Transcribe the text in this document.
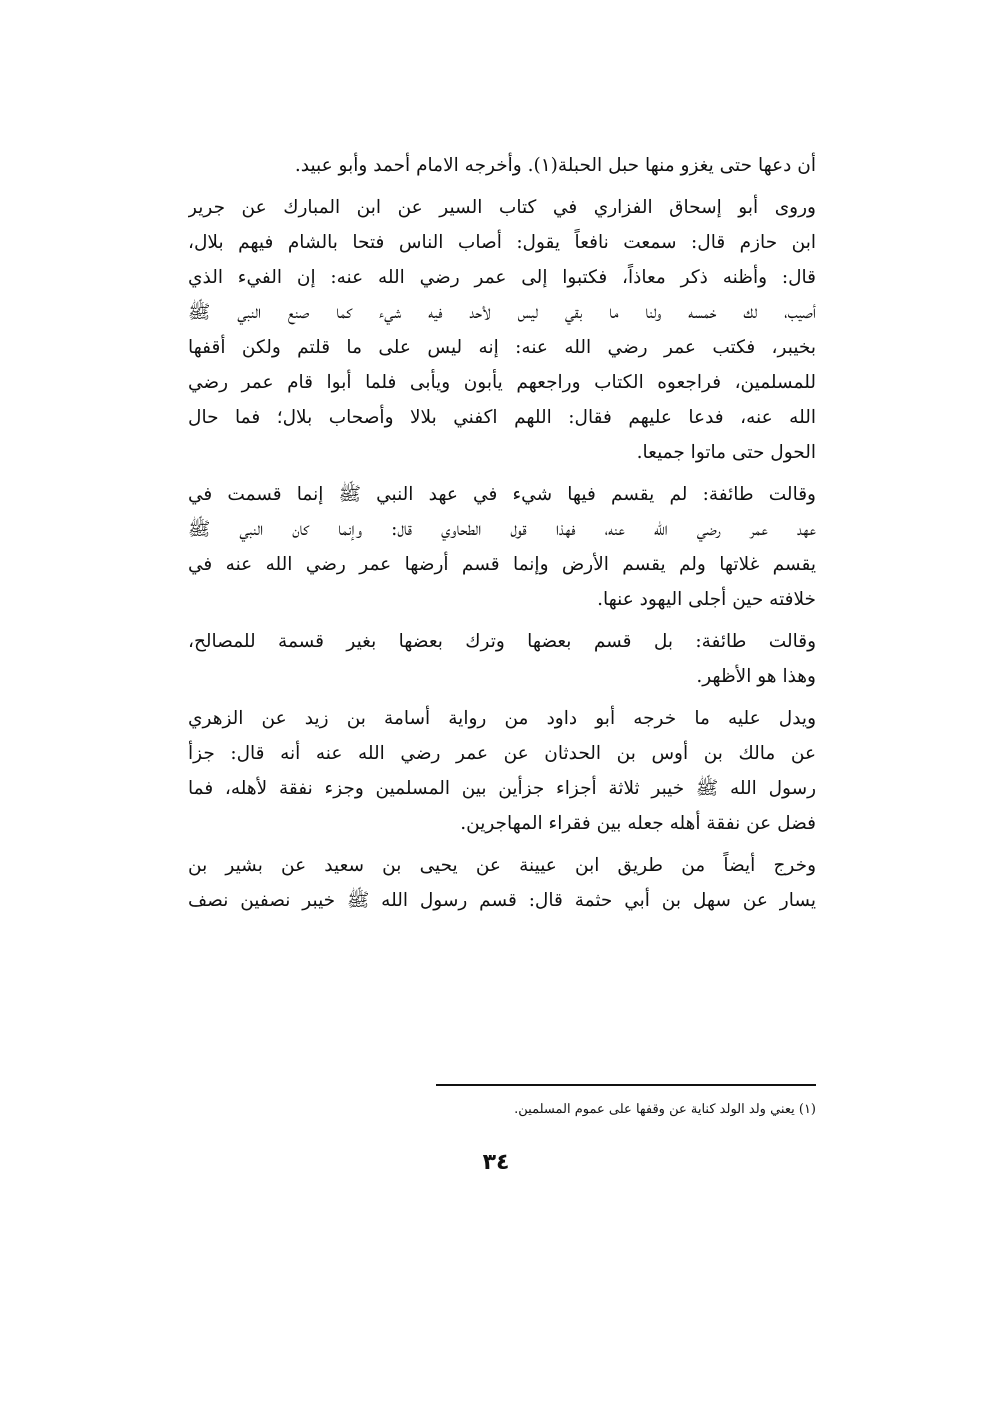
أن دعها حتى يغزو منها حبل الحبلة(١). وأخرجه الامام أحمد وأبو عبيد.
وروى أبو إسحاق الفزاري في كتاب السير عن ابن المبارك عن جرير
ابن حازم قال: سمعت نافعاً يقول: أصاب الناس فتحا بالشام فيهم بلال،
قال: وأظنه ذكر معاذاً، فكتبوا إلى عمر رضي الله عنه: إن الفيء الذي
أصيب، لك خمسه ولنا ما بقي ليس لأحد فيه شيء كما صنع النبي ﷺ
بخيبر، فكتب عمر رضي الله عنه: إنه ليس على ما قلتم ولكن أقفها
للمسلمين، فراجعوه الكتاب وراجعهم يأبون ويأبى فلما أبوا قام عمر رضي
الله عنه، فدعا عليهم فقال: اللهم اكفني بلالا وأصحاب بلال؛ فما حال
الحول حتى ماتوا جميعا.
وقالت طائفة: لم يقسم فيها شيء في عهد النبي ﷺ إنما قسمت في
عهد عمر رضي الله عنه، فهذا قول الطحاوي قال: وإنما كان النبي ﷺ
يقسم غلاتها ولم يقسم الأرض وإنما قسم أرضها عمر رضي الله عنه في
خلافته حين أجلى اليهود عنها.
وقالت طائفة: بل قسم بعضها وترك بعضها بغير قسمة للمصالح،
وهذا هو الأظهر.
ويدل عليه ما خرجه أبو داود من رواية أسامة بن زيد عن الزهري
عن مالك بن أوس بن الحدثان عن عمر رضي الله عنه أنه قال: جزأ
رسول الله ﷺ خيبر ثلاثة أجزاء جزأين بين المسلمين وجزء نفقة لأهله، فما
فضل عن نفقة أهله جعله بين فقراء المهاجرين.
وخرج أيضاً من طريق ابن عيينة عن يحيى بن سعيد عن بشير بن
يسار عن سهل بن أبي حثمة قال: قسم رسول الله ﷺ خيبر نصفين نصف
(١) يعني ولد الولد كناية عن وقفها على عموم المسلمين.
٣٤
